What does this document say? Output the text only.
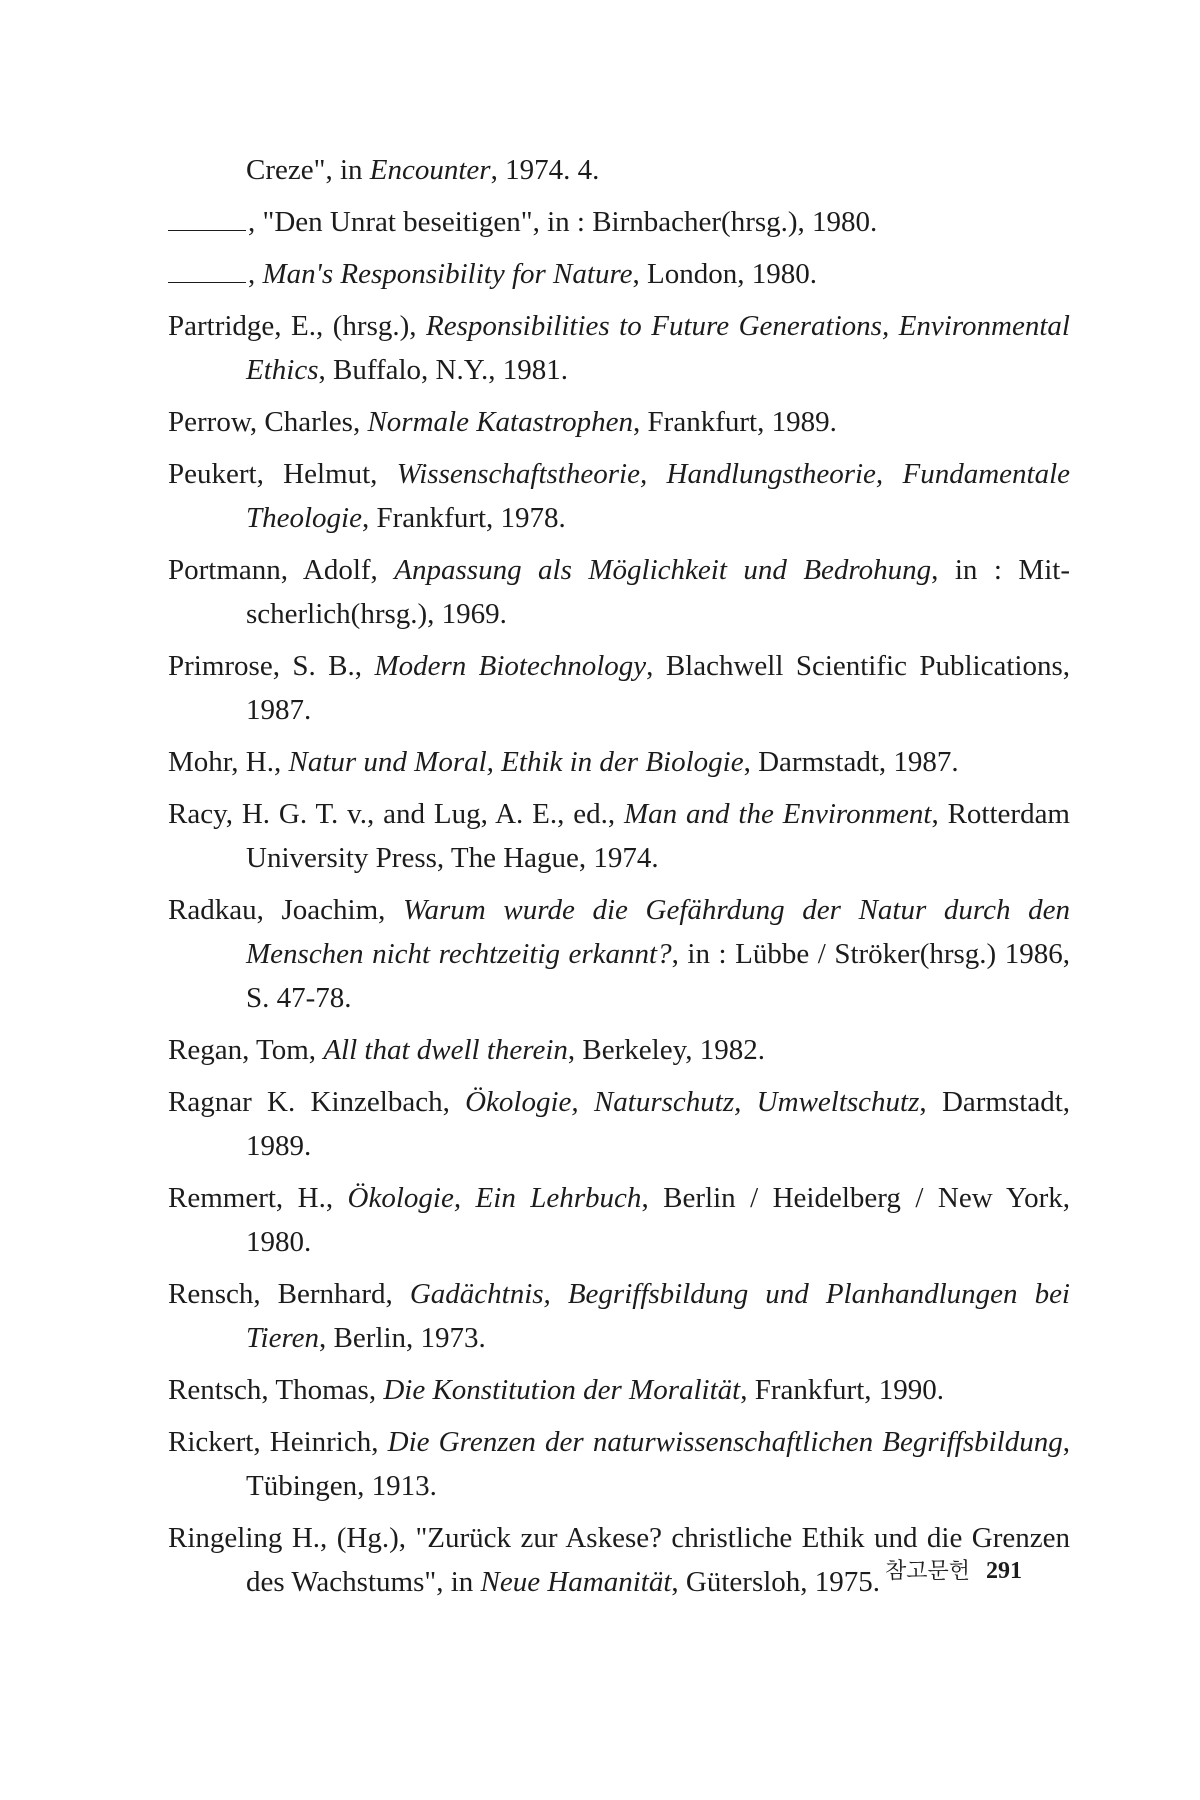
Creze", in Encounter, 1974. 4.

, "Den Unrat beseitigen", in : Birnbacher(hrsg.), 1980.

, Man's Responsibility for Nature, London, 1980.

Partridge, E., (hrsg.), Responsibilities to Future Generations, Environmental Ethics, Buffalo, N.Y., 1981.

Perrow, Charles, Normale Katastrophen, Frankfurt, 1989.

Peukert, Helmut, Wissenschaftstheorie, Handlungstheorie, Fundamentale Theologie, Frankfurt, 1978.

Portmann, Adolf, Anpassung als Möglichkeit und Bedrohung, in : Mit-scherlich(hrsg.), 1969.

Primrose, S. B., Modern Biotechnology, Blachwell Scientific Publications, 1987.

Mohr, H., Natur und Moral, Ethik in der Biologie, Darmstadt, 1987.

Racy, H. G. T. v., and Lug, A. E., ed., Man and the Environment, Rotterdam University Press, The Hague, 1974.

Radkau, Joachim, Warum wurde die Gefährdung der Natur durch den Menschen nicht rechtzeitig erkannt?, in : Lübbe / Ströker(hrsg.) 1986, S. 47-78.

Regan, Tom, All that dwell therein, Berkeley, 1982.

Ragnar K. Kinzelbach, Ökologie, Naturschutz, Umweltschutz, Darmstadt, 1989.

Remmert, H., Ökologie, Ein Lehrbuch, Berlin / Heidelberg / New York, 1980.

Rensch, Bernhard, Gadächtnis, Begriffsbildung und Planhandlungen bei Tieren, Berlin, 1973.

Rentsch, Thomas, Die Konstitution der Moralität, Frankfurt, 1990.

Rickert, Heinrich, Die Grenzen der naturwissenschaftlichen Begriffsbildung, Tübingen, 1913.

Ringeling H., (Hg.), "Zurück zur Askese? christliche Ethik und die Grenzen des Wachstums", in Neue Hamanität, Gütersloh, 1975. 참고문헌 291
